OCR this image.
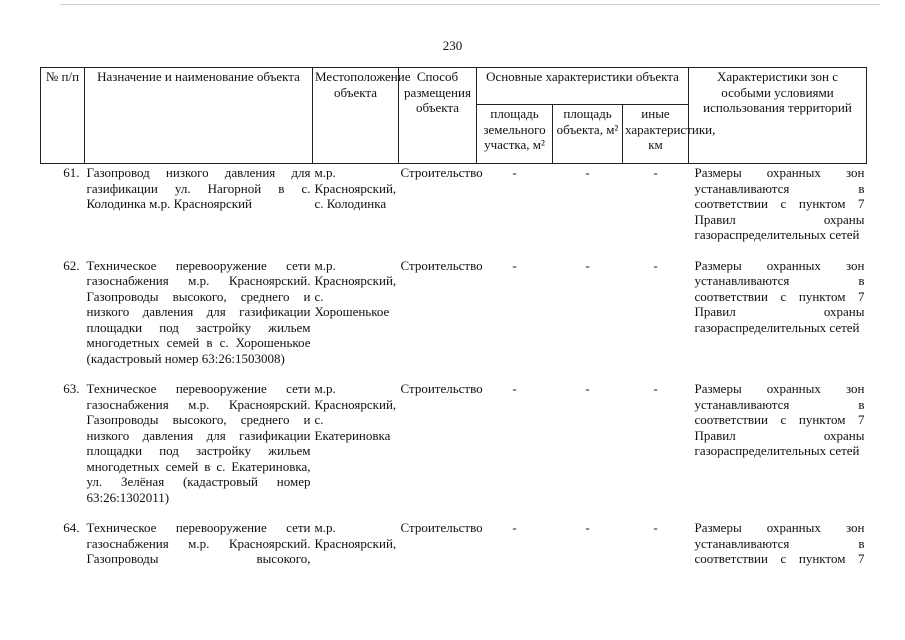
230
№ п/п	Назначение и наименование объекта	Местоположение объекта	Способ размещения объекта	Основные характеристики объекта			Характеристики зон с особыми условиями использования территорий
				площадь земельного участка, м²	площадь объекта, м²	иные характеристики, км	
61.	Газопровод низкого давления для газификации ул. Нагорной в с. Колодинка м.р. Красноярский	м.р. Красноярский, с. Колодинка	Строительство	-	-	-	Размеры охранных зон устанавливаются в соответствии с пунктом 7 Правил охраны газораспределительных сетей
62.	Техническое перевооружение сети газоснабжения м.р. Красноярский. Газопроводы высокого, среднего и низкого давления для газификации площадки под застройку жильем многодетных семей в с. Хорошенькое (кадастровый номер 63:26:1503008)	м.р. Красноярский, с. Хорошенькое	Строительство	-	-	-	Размеры охранных зон устанавливаются в соответствии с пунктом 7 Правил охраны газораспределительных сетей
63.	Техническое перевооружение сети газоснабжения м.р. Красноярский. Газопроводы высокого, среднего и низкого давления для газификации площадки под застройку жильем многодетных семей в с. Екатериновка, ул. Зелёная (кадастровый номер 63:26:1302011)	м.р. Красноярский, с. Екатериновка	Строительство	-	-	-	Размеры охранных зон устанавливаются в соответствии с пунктом 7 Правил охраны газораспределительных сетей
64.	Техническое перевооружение сети газоснабжения м.р. Красноярский. Газопроводы высокого,	м.р. Красноярский,	Строительство	-	-	-	Размеры охранных зон устанавливаются в соответствии с пунктом 7
